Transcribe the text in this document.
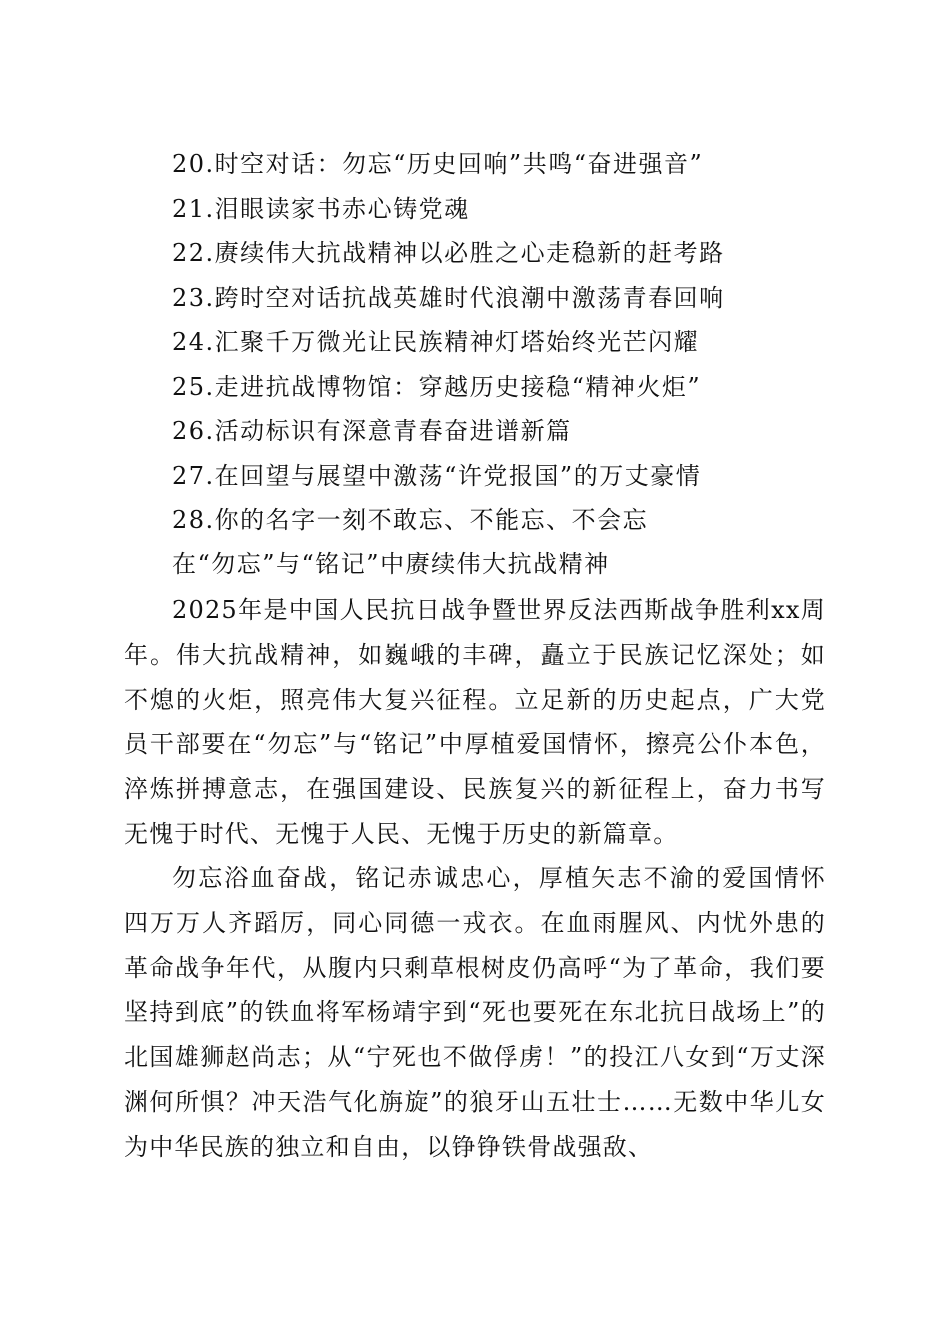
20.时空对话：勿忘“历史回响”共鸣“奋进强音”
21.泪眼读家书赤心铸党魂
22.赓续伟大抗战精神以必胜之心走稳新的赶考路
23.跨时空对话抗战英雄时代浪潮中激荡青春回响
24.汇聚千万微光让民族精神灯塔始终光芒闪耀
25.走进抗战博物馆：穿越历史接稳“精神火炬”
26.活动标识有深意青春奋进谱新篇
27.在回望与展望中激荡“许党报国”的万丈豪情
28.你的名字一刻不敢忘、不能忘、不会忘
在“勿忘”与“铭记”中赓续伟大抗战精神

2025年是中国人民抗日战争暨世界反法西斯战争胜利xx周年。伟大抗战精神，如巍峨的丰碑，矗立于民族记忆深处；如不熄的火炬，照亮伟大复兴征程。立足新的历史起点，广大党员干部要在“勿忘”与“铭记”中厚植爱国情怀，擦亮公仆本色，淬炼拼搏意志，在强国建设、民族复兴的新征程上，奋力书写无愧于时代、无愧于人民、无愧于历史的新篇章。

勿忘浴血奋战，铭记赤诚忠心，厚植矢志不渝的爱国情怀四万万人齐蹈厉，同心同德一戎衣。在血雨腥风、内忧外患的革命战争年代，从腹内只剩草根树皮仍高呼“为了革命，我们要坚持到底”的铁血将军杨靖宇到“死也要死在东北抗日战场上”的北国雄狮赵尚志；从“宁死也不做俘虏！”的投江八女到“万丈深渊何所惧？冲天浩气化旃旋”的狼牙山五壮士……无数中华儿女为中华民族的独立和自由，以铮铮铁骨战强敌、
